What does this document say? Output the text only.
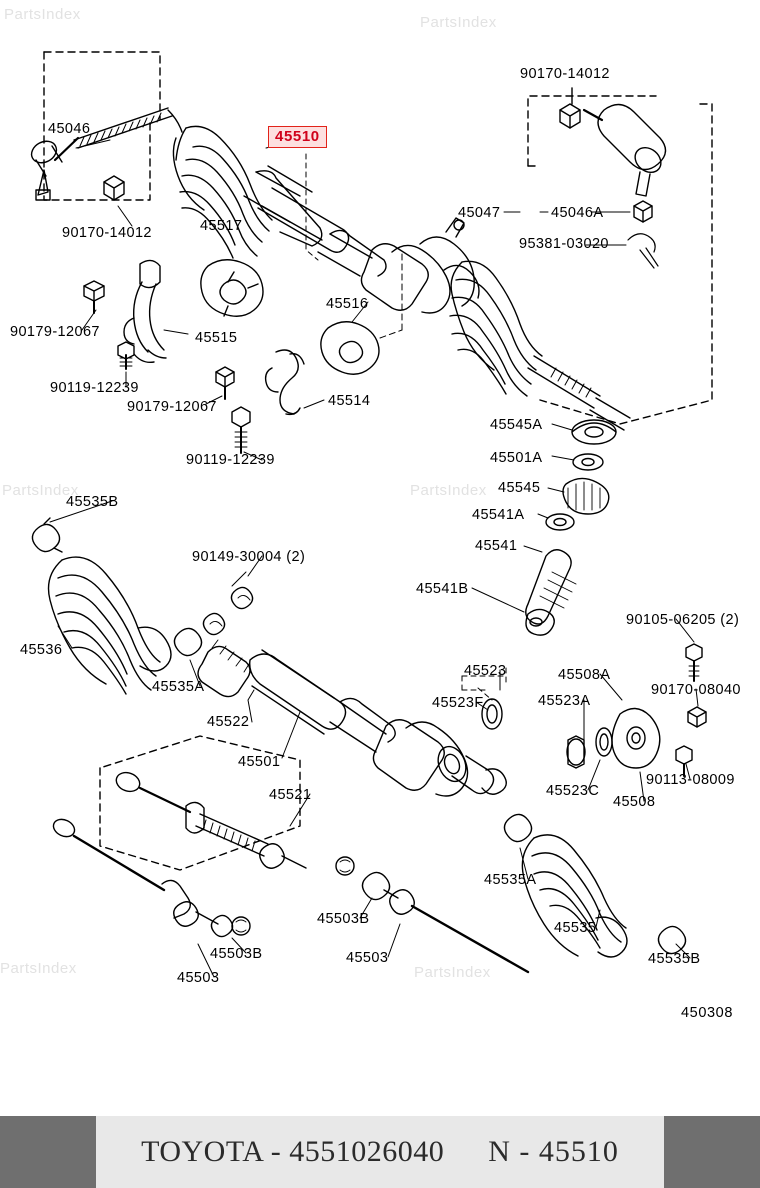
PartsIndex	PartsIndex
PartsIndex	PartsIndex
PartsIndex	PartsIndex
45510
90170-14012
45046
90170-14012	45517
45047	45046A
95381-03020
90179-12067	45515
45516
90119-12239
90179-12067	45514
90119-12239
45545A
45501A
45545
45541A
45541
45535B
90149-30004 (2)
45541B
90105-06205 (2)
45536
45535A
45522
45501
45523
45523F	45523A
45508A
90170-08040
90113-08009
45523C
45508
45521
45535A
45535
45503B
45503B	45503
45503
45535B
450308
TOYOTA - 4551026040 N - 45510
